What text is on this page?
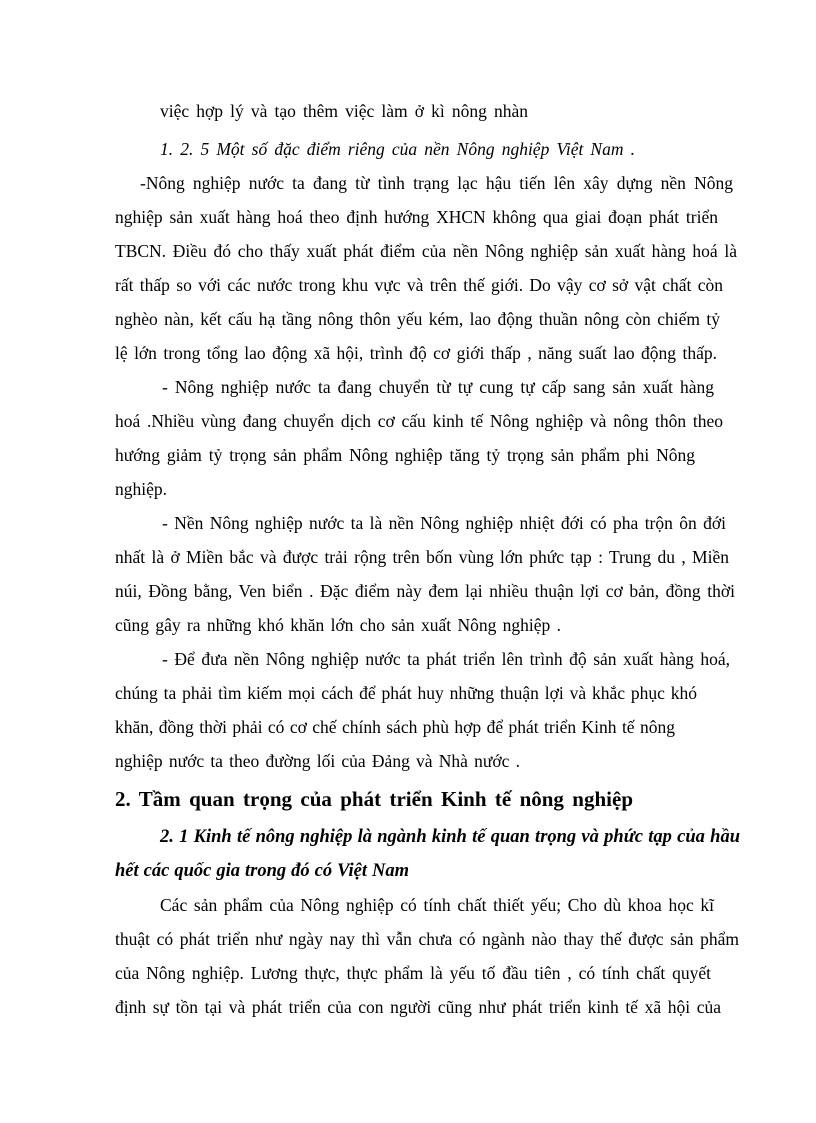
việc hợp lý và tạo thêm việc làm ở kì nông nhàn
1. 2. 5 Một số đặc điểm riêng của nền Nông nghiệp Việt Nam .
-Nông nghiệp nước ta đang từ tình trạng lạc hậu tiến lên xây dựng nền Nông
nghiệp sản xuất hàng hoá theo định hướng XHCN không qua giai đoạn phát triển
TBCN. Điều đó cho thấy xuất phát điểm của nền Nông nghiệp sản xuất hàng hoá là
rất thấp so với các nước trong khu vực và trên thế giới. Do vậy cơ sở vật chất còn
nghèo nàn, kết cấu hạ tầng nông thôn yếu kém, lao động thuần nông còn chiếm tỷ
lệ lớn trong tổng lao động xã hội, trình độ cơ giới thấp , năng suất lao động thấp.
- Nông nghiệp nước ta đang chuyển từ tự cung tự cấp sang sản xuất hàng
hoá .Nhiều vùng đang chuyển dịch cơ cấu kinh tế Nông nghiệp và nông thôn theo
hướng giảm tỷ trọng sản phẩm Nông nghiệp tăng tỷ trọng sản phẩm phi Nông
nghiệp.
- Nền Nông nghiệp nước ta là nền Nông nghiệp nhiệt đới có pha trộn ôn đới
nhất là ở Miền bắc và được trải rộng trên bốn vùng lớn phức tạp : Trung du , Miền
núi, Đồng bằng, Ven biển . Đặc điểm này đem lại nhiều thuận lợi cơ bản, đồng thời
cũng gây ra những khó khăn lớn cho sản xuất Nông nghiệp .
- Để đưa nền Nông nghiệp nước ta phát triển lên trình độ sản xuất hàng hoá,
chúng ta phải tìm kiếm mọi cách để phát huy những thuận lợi và khắc phục khó
khăn, đồng thời phải có cơ chế chính sách phù hợp để phát triển Kinh tế nông
nghiệp nước ta theo đường lối của Đảng và Nhà nước .
2. Tầm quan trọng của phát triển Kinh tế nông nghiệp
2. 1 Kinh tế nông nghiệp là ngành kinh tế quan trọng và phức tạp của hầu
hết các quốc gia trong đó có Việt Nam
Các sản phẩm của Nông nghiệp có tính chất thiết yếu; Cho dù khoa học kĩ
thuật có phát triển như ngày nay thì vẫn chưa có ngành nào thay thế được sản phẩm
của Nông nghiệp. Lương thực, thực phẩm là yếu tố đầu tiên , có tính chất quyết
định sự tồn tại và phát triển của con người cũng như phát triển kinh tế xã hội của
